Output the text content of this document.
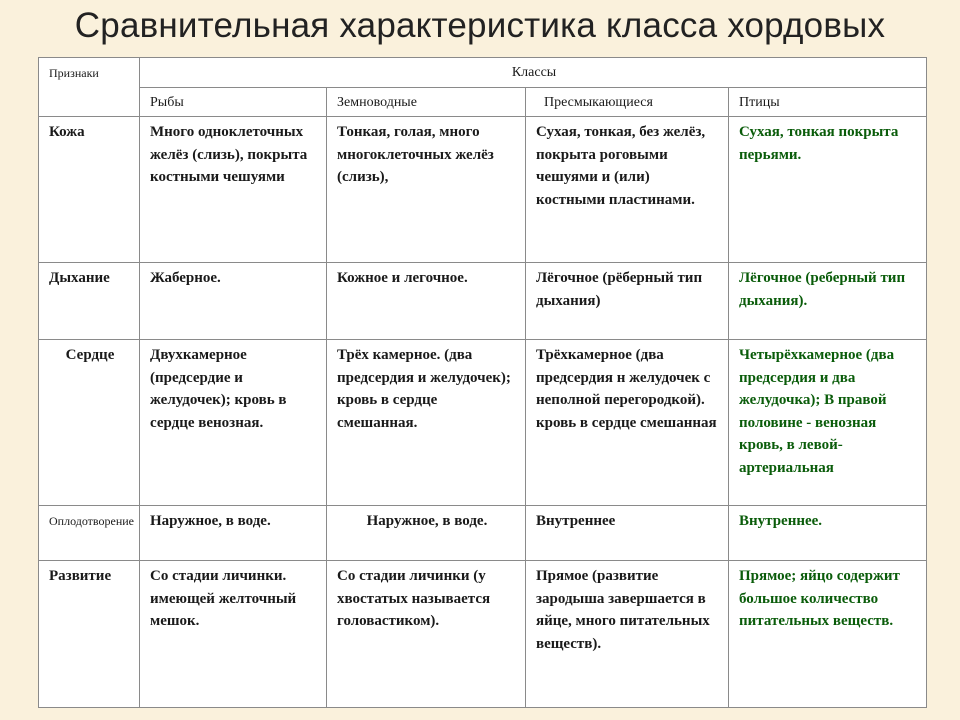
Сравнительная характеристика класса хордовых
Признаки	Классы			
	Рыбы	Земноводные	Пресмыкающиеся	Птицы
Кожа	Много одноклеточных желёз (слизь), покрыта костными чешуями	Тонкая, голая, много многоклеточных желёз (слизь),	Сухая, тонкая, без желёз, покрыта роговыми чешуями и (или) костными пластинами.	Сухая, тонкая покрыта перьями.
Дыхание	Жаберное.	Кожное и легочное.	Лёгочное (рёберный тип дыхания)	Лёгочное (реберный тип дыхания).
Сердце	Двухкамерное (предсердие и желудочек); кровь в сердце венозная.	Трёх камерное. (два предсердия и желудочек); кровь в сердце смешанная.	Трёхкамерное (два предсердия н желудочек с неполной перегородкой). кровь в сердце смешанная	Четырёхкамерное (два предсердия и два желудочка); В правой половине - венозная кровь, в левой- артериальная
Оплодотворение	Наружное, в воде.	Наружное, в воде.	Внутреннее	Внутреннее.
Развитие	Со стадии личинки. имеющей желточный мешок.	Со стадии личинки (у хвостатых называется головастиком).	Прямое (развитие зародыша завершается в яйце, много питательных веществ).	Прямое; яйцо содержит большое количество питательных веществ.
